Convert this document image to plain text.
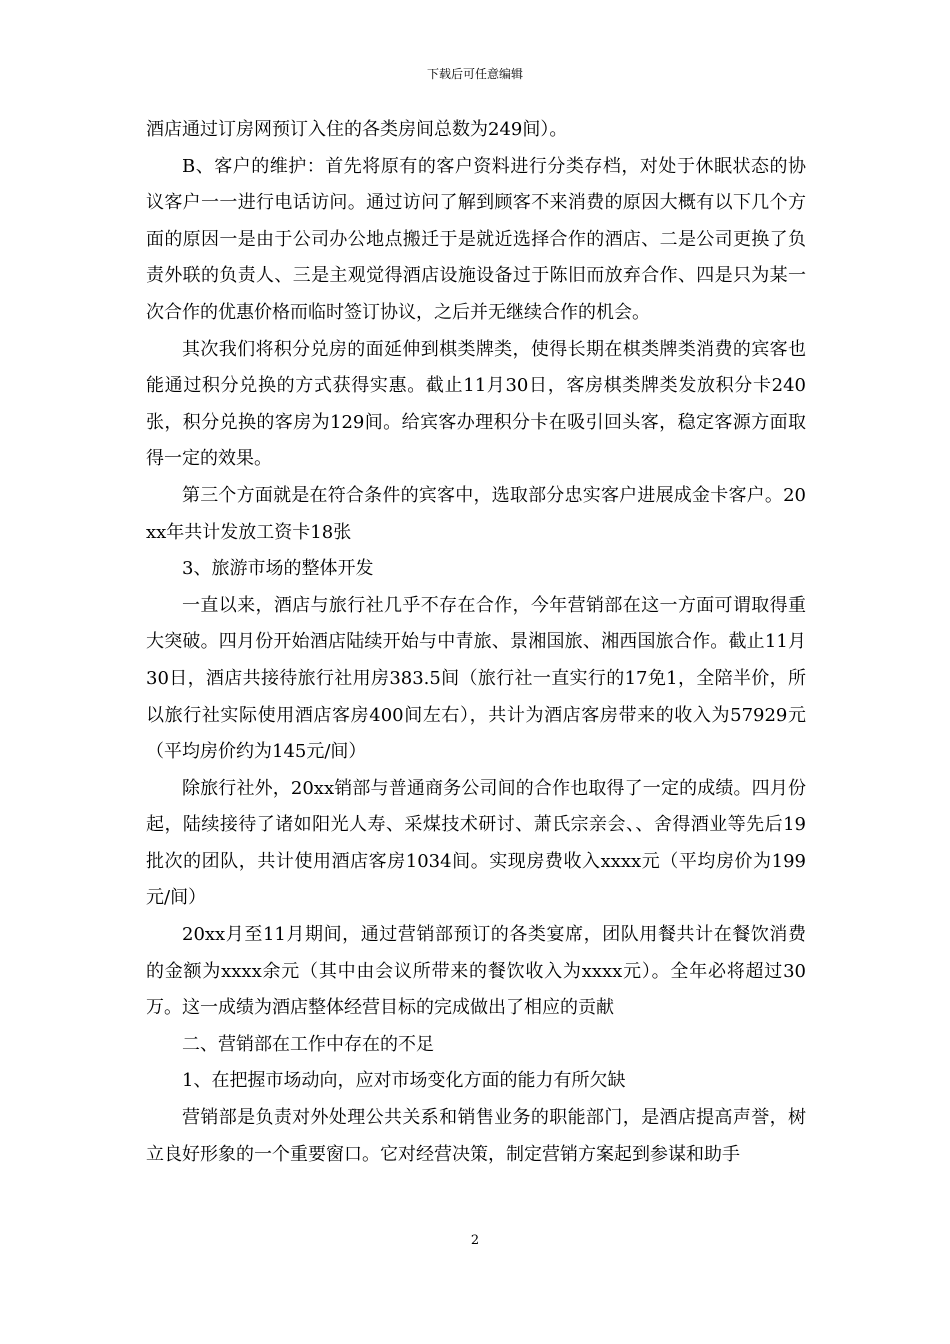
下载后可任意编辑

酒店通过订房网预订入住的各类房间总数为249间）。

B、客户的维护：首先将原有的客户资料进行分类存档，对处于休眠状态的协议客户一一进行电话访问。通过访问了解到顾客不来消费的原因大概有以下几个方面的原因一是由于公司办公地点搬迁于是就近选择合作的酒店、二是公司更换了负责外联的负责人、三是主观觉得酒店设施设备过于陈旧而放弃合作、四是只为某一次合作的优惠价格而临时签订协议，之后并无继续合作的机会。

其次我们将积分兑房的面延伸到棋类牌类，使得长期在棋类牌类消费的宾客也能通过积分兑换的方式获得实惠。截止11月30日，客房棋类牌类发放积分卡240张，积分兑换的客房为129间。给宾客办理积分卡在吸引回头客，稳定客源方面取得一定的效果。

第三个方面就是在符合条件的宾客中，选取部分忠实客户进展成金卡客户。20xx年共计发放工资卡18张

3、旅游市场的整体开发

一直以来，酒店与旅行社几乎不存在合作，今年营销部在这一方面可谓取得重大突破。四月份开始酒店陆续开始与中青旅、景湘国旅、湘西国旅合作。截止11月30日，酒店共接待旅行社用房383.5间（旅行社一直实行的17免1，全陪半价，所以旅行社实际使用酒店客房400间左右），共计为酒店客房带来的收入为57929元（平均房价约为145元/间）

除旅行社外，20xx销部与普通商务公司间的合作也取得了一定的成绩。四月份起，陆续接待了诸如阳光人寿、采煤技术研讨、萧氏宗亲会、、舍得酒业等先后19批次的团队，共计使用酒店客房1034间。实现房费收入xxxx元（平均房价为199元/间）

20xx月至11月期间，通过营销部预订的各类宴席，团队用餐共计在餐饮消费的金额为xxxx余元（其中由会议所带来的餐饮收入为xxxx元）。全年必将超过30万。这一成绩为酒店整体经营目标的完成做出了相应的贡献

二、营销部在工作中存在的不足

1、在把握市场动向，应对市场变化方面的能力有所欠缺

营销部是负责对外处理公共关系和销售业务的职能部门，是酒店提高声誉，树立良好形象的一个重要窗口。它对经营决策，制定营销方案起到参谋和助手

2
